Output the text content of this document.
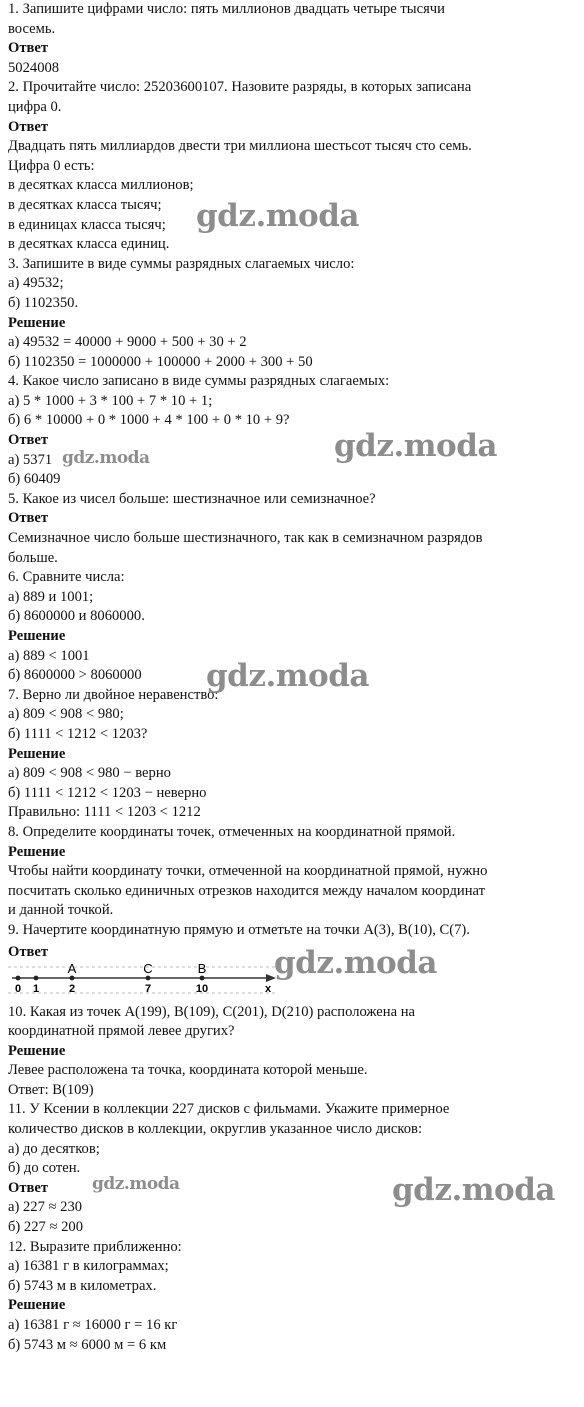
1. Запишите цифрами число: пять миллионов двадцать четыре тысячи
восемь.
Ответ
5024008
2. Прочитайте число: 25203600107. Назовите разряды, в которых записана
цифра 0.
Ответ
Двадцать пять миллиардов двести три миллиона шестьсот тысяч сто семь.
Цифра 0 есть:
в десятках класса миллионов;
в десятках класса тысяч;
в единицах класса тысяч;
в десятках класса единиц.
3. Запишите в виде суммы разрядных слагаемых число:
а) 49532;
б) 1102350.
Решение
а) 49532 = 40000 + 9000 + 500 + 30 + 2
б) 1102350 = 1000000 + 100000 + 2000 + 300 + 50
4. Какое число записано в виде суммы разрядных слагаемых:
а) 5 * 1000 + 3 * 100 + 7 * 10 + 1;
б) 6 * 10000 + 0 * 1000 + 4 * 100 + 0 * 10 + 9?
Ответ
а) 5371
б) 60409
5. Какое из чисел больше: шестизначное или семизначное?
Ответ
Семизначное число больше шестизначного, так как в семизначном разрядов
больше.
6. Сравните числа:
а) 889 и 1001;
б) 8600000 и 8060000.
Решение
а) 889 < 1001
б) 8600000 > 8060000
7. Верно ли двойное неравенство:
а) 809 < 908 < 980;
б) 1111 < 1212 < 1203?
Решение
а) 809 < 908 < 980 − верно
б) 1111 < 1212 < 1203 − неверно
Правильно: 1111 < 1203 < 1212
8. Определите координаты точек, отмеченных на координатной прямой.
Решение
Чтобы найти координату точки, отмеченной на координатной прямой, нужно
посчитать сколько единичных отрезков находится между началом координат
и данной точкой.
9. Начертите координатную прямую и отметьте на точки A(3), B(10), C(7).
Ответ
A	C	B
0 1	2	7	10	x
10. Какая из точек A(199), B(109), C(201), D(210) расположена на
координатной прямой левее других?
Решение
Левее расположена та точка, координата которой меньше.
Ответ: B(109)
11. У Ксении в коллекции 227 дисков с фильмами. Укажите примерное
количество дисков в коллекции, округлив указанное число дисков:
а) до десятков;
б) до сотен.
Ответ
а) 227 ≈ 230
б) 227 ≈ 200
12. Выразите приближенно:
а) 16381 г в килограммах;
б) 5743 м в километрах.
Решение
а) 16381 г ≈ 16000 г = 16 кг
б) 5743 м ≈ 6000 м = 6 км
gdz.moda
gdz.moda
gdz.moda
gdz.moda
gdz.moda
gdz.moda	gdz.moda
